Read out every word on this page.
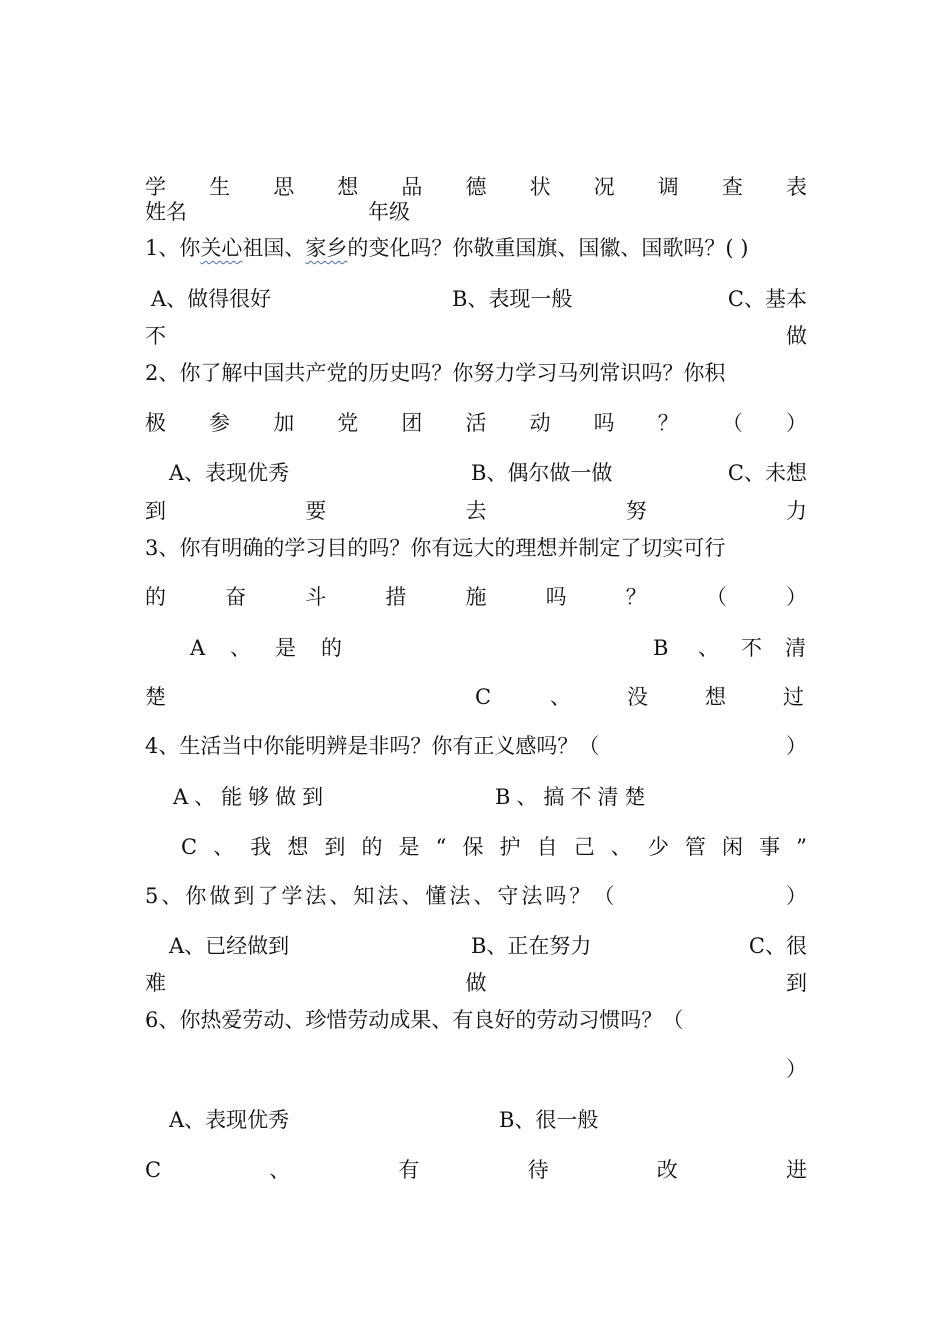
学 生 思 想 品 德 状 况 调 查 表
姓名	年级
1、你关心祖国、家乡的变化吗？你敬重国旗、国徽、国歌吗？( )
A、做得很好	B、表现一般	C、基本
不	做
2、你了解中国共产党的历史吗？你努力学习马列常识吗？你积
极 参 加 党 团 活 动 吗 ？ （ ）
A、表现优秀	B、偶尔做一做	C、未想
到	要	去	努	力
3、你有明确的学习目的吗？你有远大的理想并制定了切实可行
的	奋	斗	措	施	吗	？	（	）
A 、 是 的	B 、 不 清
楚	C	、	没	想	过
4、生活当中你能明辨是非吗？你有正义感吗？（	）
A、能够做到	B、搞不清楚
C 、 我 想 到 的 是 “ 保 护 自 己 、 少 管 闲 事 ”
5、你做到了学法、知法、懂法、守法吗？（	）
A、已经做到	B、正在努力	C、很
难	做	到
6、你热爱劳动、珍惜劳动成果、有良好的劳动习惯吗？（
）
A、表现优秀	B、很一般
C	、	有	待	改	进
